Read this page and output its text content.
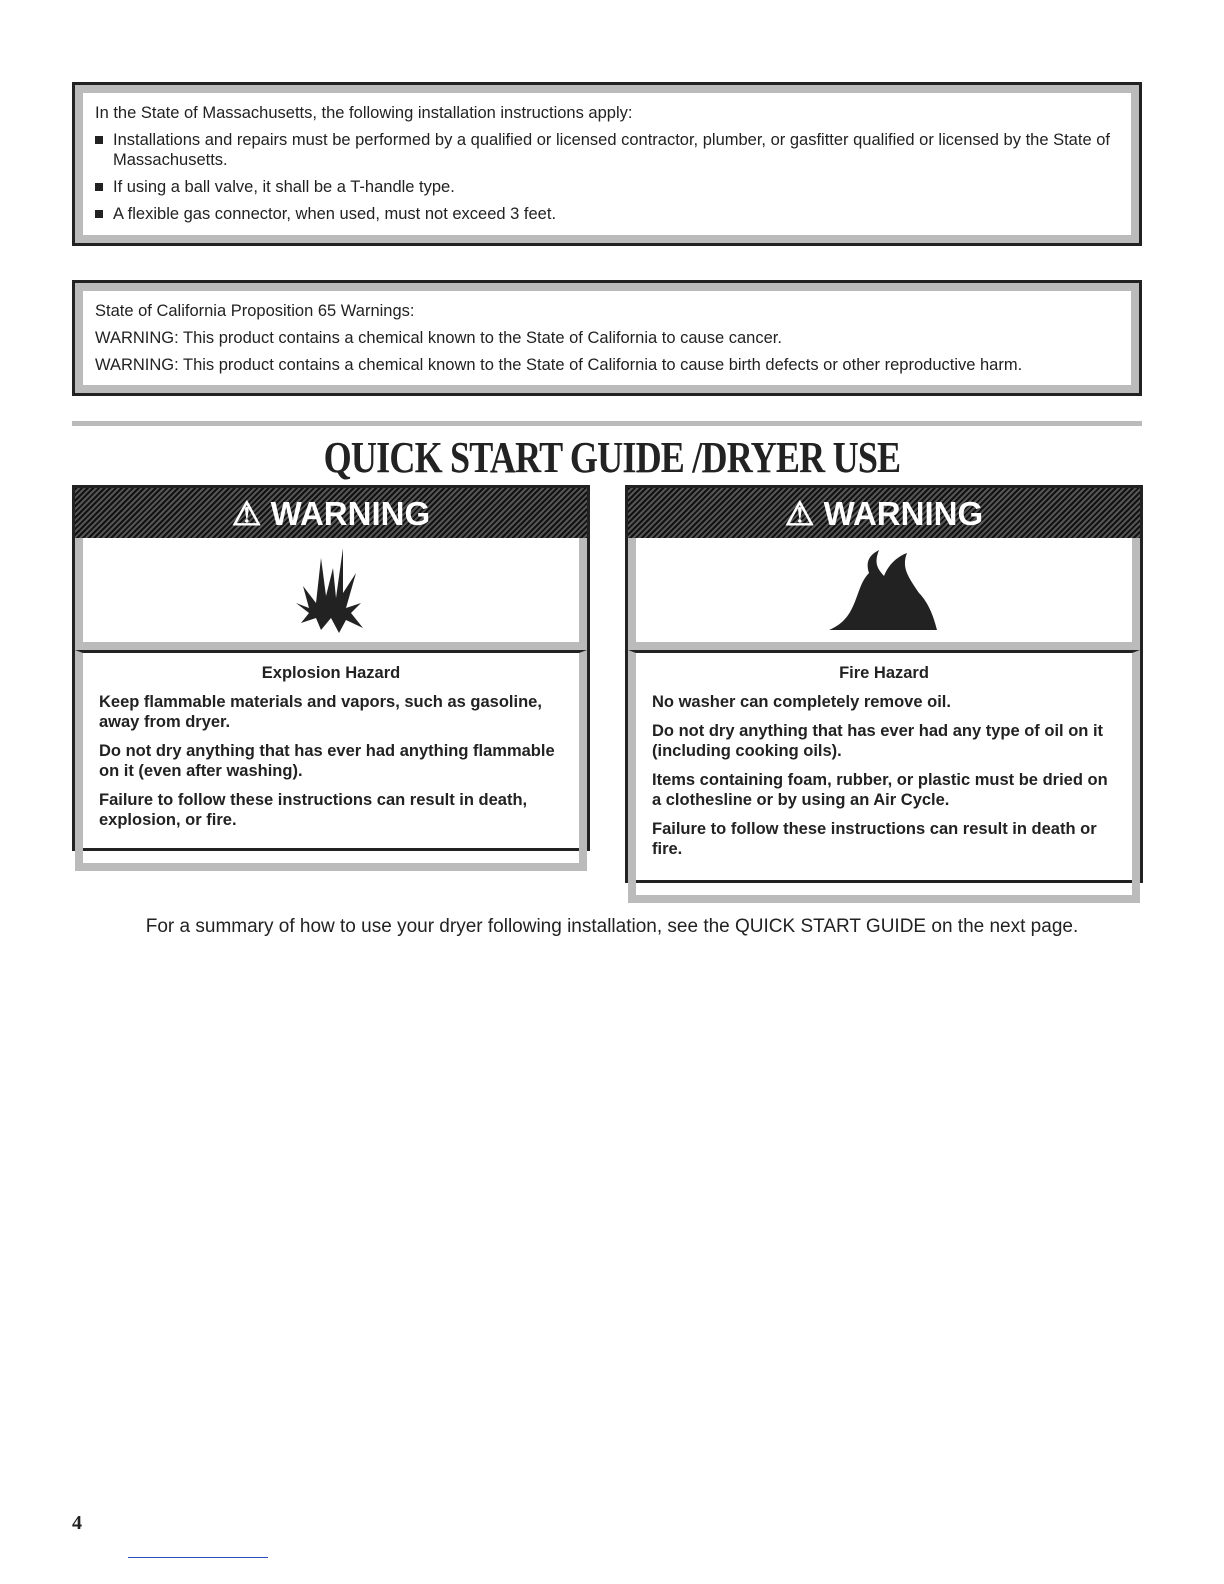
In the State of Massachusetts, the following installation instructions apply:

Installations and repairs must be performed by a qualified or licensed contractor, plumber, or gasfitter qualified or licensed by the State of Massachusetts.

If using a ball valve, it shall be a T-handle type.

A flexible gas connector, when used, must not exceed 3 feet.

State of California Proposition 65 Warnings:

WARNING: This product contains a chemical known to the State of California to cause cancer.

WARNING: This product contains a chemical known to the State of California to cause birth defects or other reproductive harm.

QUICK START GUIDE /DRYER USE
⚠ WARNING

Explosion Hazard

Keep flammable materials and vapors, such as gasoline, away from dryer.

Do not dry anything that has ever had anything flammable on it (even after washing).

Failure to follow these instructions can result in death, explosion, or fire.

⚠ WARNING

Fire Hazard

No washer can completely remove oil.

Do not dry anything that has ever had any type of oil on it (including cooking oils).

Items containing foam, rubber, or plastic must be dried on a clothesline or by using an Air Cycle.

Failure to follow these instructions can result in death or fire.

For a summary of how to use your dryer following installation, see the QUICK START GUIDE on the next page.
4
